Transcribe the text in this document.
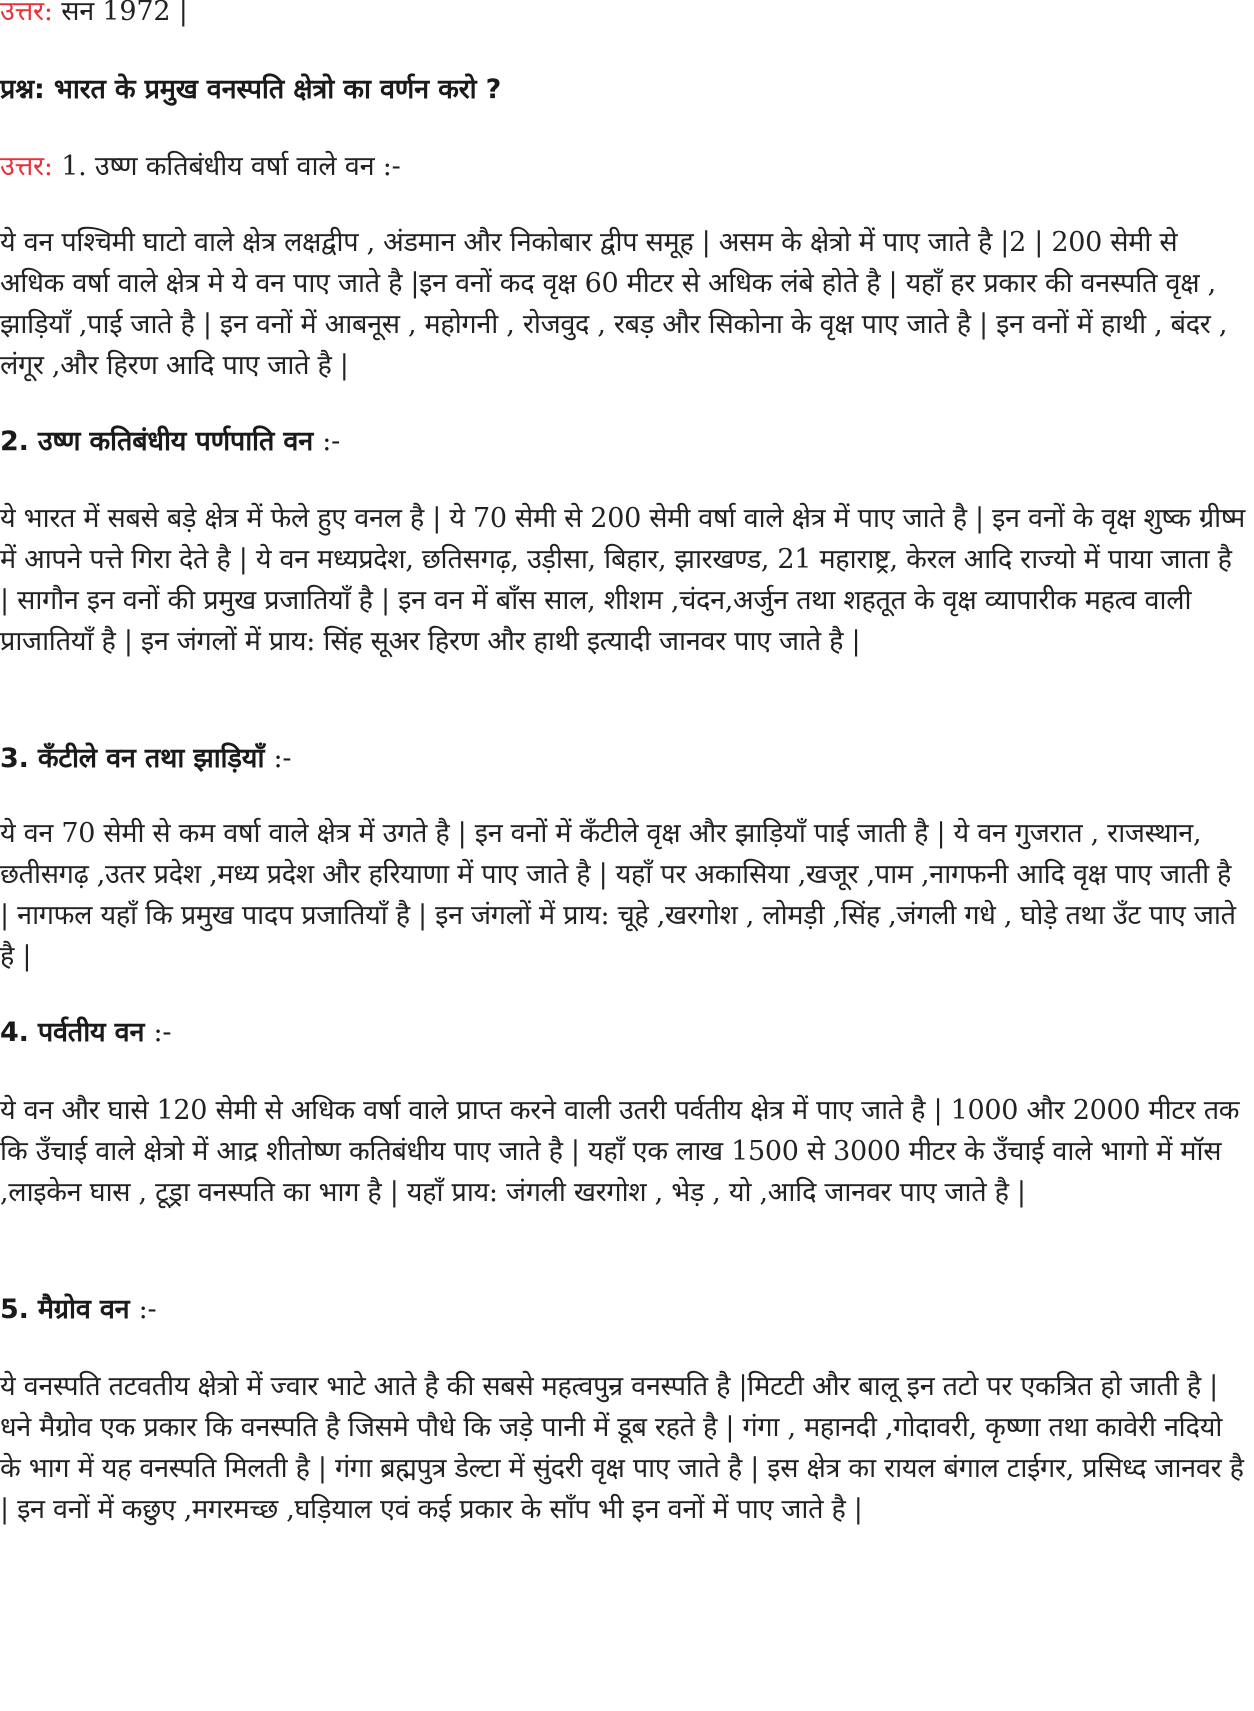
उत्तर: सन 1972 |
प्रश्न: भारत के प्रमुख वनस्पति क्षेत्रो का वर्णन करो ?
उत्तर: 1. उष्ण कतिबंधीय वर्षा वाले वन :-
ये वन पश्चिमी घाटो वाले क्षेत्र लक्षद्वीप , अंडमान और निकोबार द्वीप समूह | असम के क्षेत्रो में पाए जाते है |2 | 200 सेमी से अधिक वर्षा वाले क्षेत्र मे ये वन पाए जाते है |इन वनों कद वृक्ष 60 मीटर से अधिक लंबे होते है | यहाँ हर प्रकार की वनस्पति वृक्ष , झाड़ियाँ ,पाई जाते है | इन वनों में आबनूस , महोगनी , रोजवुद , रबड़ और सिकोना के वृक्ष पाए जाते है | इन वनों में हाथी , बंदर , लंगूर ,और हिरण आदि पाए जाते है |
2. उष्ण कतिबंधीय पर्णपाति वन :-
ये भारत में सबसे बड़े क्षेत्र में फेले हुए वनल है | ये 70 सेमी से 200 सेमी वर्षा वाले क्षेत्र में पाए जाते है | इन वनों के वृक्ष शुष्क ग्रीष्म में आपने पत्ते गिरा देते है | ये वन मध्यप्रदेश, छतिसगढ़, उड़ीसा, बिहार, झारखण्ड, 21 महाराष्ट्र, केरल आदि राज्यो में पाया जाता है | सागौन इन वनों की प्रमुख प्रजातियाँ है | इन वन में बाँस साल, शीशम ,चंदन,अर्जुन तथा शहतूत के वृक्ष व्यापारीक महत्व वाली प्राजातियाँ है | इन जंगलों में प्राय: सिंह सूअर हिरण और हाथी इत्यादी जानवर पाए जाते है |
3. कँटीले वन तथा झाड़ियाँ :-
ये वन 70 सेमी से कम वर्षा वाले क्षेत्र में उगते है | इन वनों में कँटीले वृक्ष और झाड़ियाँ पाई जाती है | ये वन गुजरात , राजस्थान, छतीसगढ़ ,उतर प्रदेश ,मध्य प्रदेश और हरियाणा में पाए जाते है | यहाँ पर अकासिया ,खजूर ,पाम ,नागफनी आदि वृक्ष पाए जाती है | नागफल यहाँ कि प्रमुख पादप प्रजातियाँ है | इन जंगलों में प्राय: चूहे ,खरगोश , लोमड़ी ,सिंह ,जंगली गधे , घोड़े तथा उँट पाए जाते है |
4. पर्वतीय वन :-
ये वन और घासे 120 सेमी से अधिक वर्षा वाले प्राप्त करने वाली उतरी पर्वतीय क्षेत्र में पाए जाते है | 1000 और 2000 मीटर तक कि उँचाई वाले क्षेत्रो में आद्र शीतोष्ण कतिबंधीय पाए जाते है | यहाँ एक लाख 1500 से 3000 मीटर के उँचाई वाले भागो में मॉस ,लाइकेन घास , टूड्रा वनस्पति का भाग है | यहाँ प्राय: जंगली खरगोश , भेड़ , यो ,आदि जानवर पाए जाते है |
5. मैग्रोव वन :-
ये वनस्पति तटवतीय क्षेत्रो में ज्वार भाटे आते है की सबसे महत्वपुन्र वनस्पति है |मिटटी और बालू इन तटो पर एकत्रित हो जाती है | धने मैग्रोव एक प्रकार कि वनस्पति है जिसमे पौधे कि जड़े पानी में डूब रहते है | गंगा , महानदी ,गोदावरी, कृष्णा तथा कावेरी नदियो के भाग में यह वनस्पति मिलती है | गंगा ब्रह्मपुत्र डेल्टा में सुंदरी वृक्ष पाए जाते है | इस क्षेत्र का रायल बंगाल टाईगर, प्रसिध्द जानवर है | इन वनों में कछुए ,मगरमच्छ ,घड़ियाल एवं कई प्रकार के साँप भी इन वनों में पाए जाते है |
